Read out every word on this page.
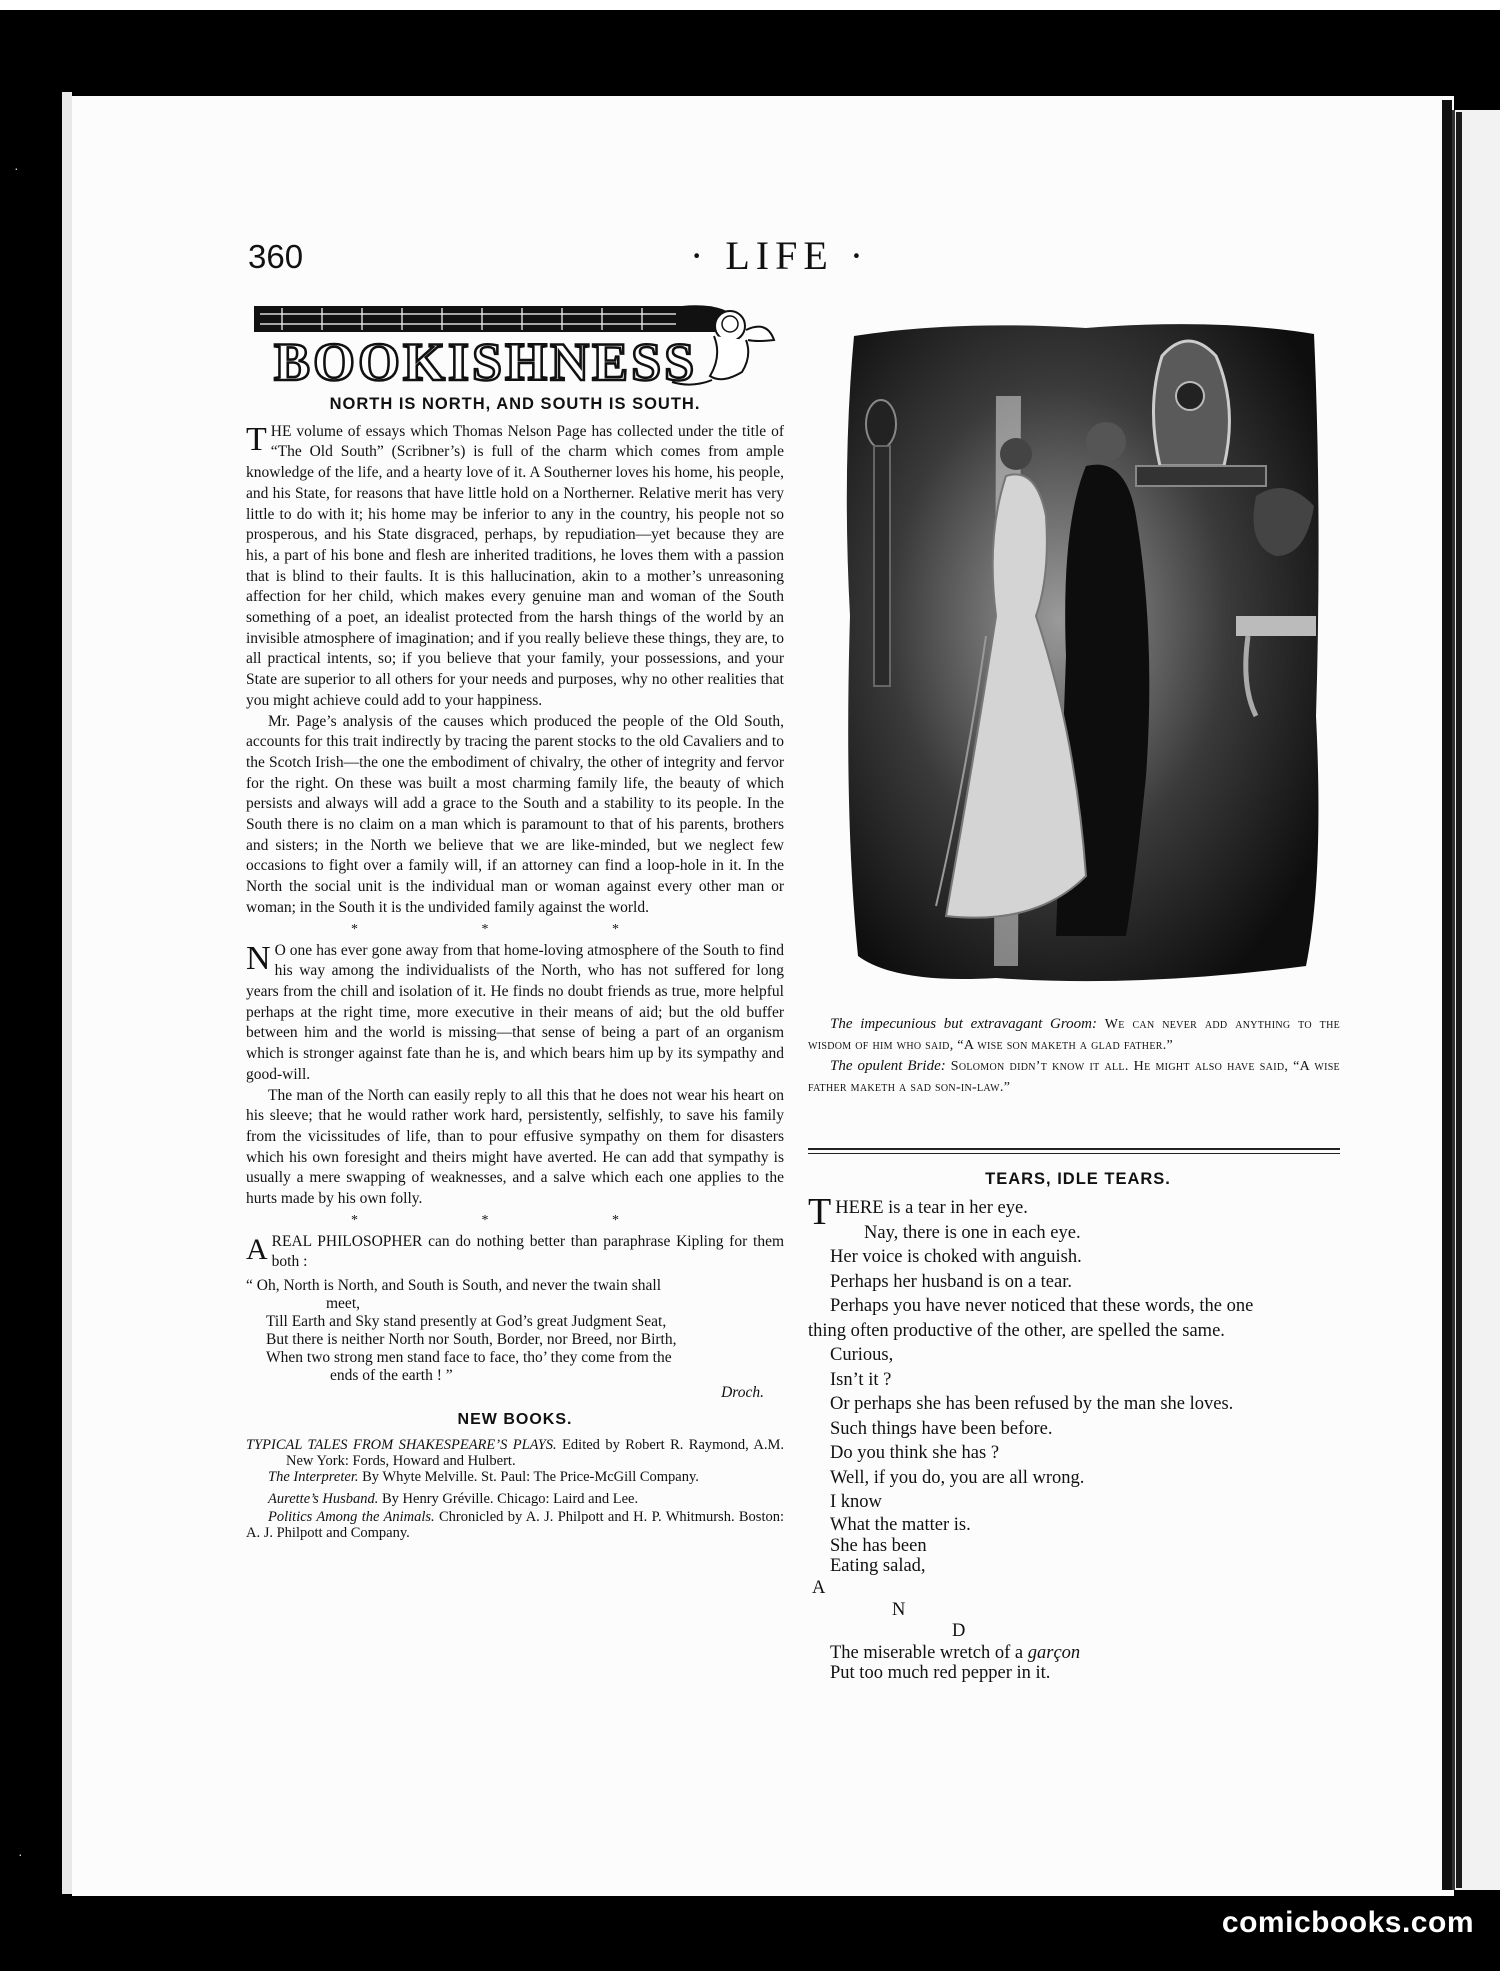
·
·
360	· LIFE ·
BOOKISHNESS
NORTH IS NORTH, AND SOUTH IS SOUTH.

THE volume of essays which Thomas Nelson Page has collected under the title of “The Old South” (Scribner’s) is full of the charm which comes from ample knowledge of the life, and a hearty love of it. A Southerner loves his home, his people, and his State, for reasons that have little hold on a Northerner. Relative merit has very little to do with it; his home may be inferior to any in the country, his people not so prosperous, and his State disgraced, perhaps, by repudiation—yet because they are his, a part of his bone and flesh are inherited traditions, he loves them with a passion that is blind to their faults. It is this hallucination, akin to a mother’s unreasoning affection for her child, which makes every genuine man and woman of the South something of a poet, an idealist protected from the harsh things of the world by an invisible atmosphere of imagination; and if you really believe these things, they are, to all practical intents, so; if you believe that your family, your possessions, and your State are superior to all others for your needs and purposes, why no other realities that you might achieve could add to your happiness.

Mr. Page’s analysis of the causes which produced the people of the Old South, accounts for this trait indirectly by tracing the parent stocks to the old Cavaliers and to the Scotch Irish—the one the embodiment of chivalry, the other of integrity and fervor for the right. On these was built a most charming family life, the beauty of which persists and always will add a grace to the South and a stability to its people. In the South there is no claim on a man which is paramount to that of his parents, brothers and sisters; in the North we believe that we are like-minded, but we neglect few occasions to fight over a family will, if an attorney can find a loop-hole in it. In the North the social unit is the individual man or woman against every other man or woman; in the South it is the undivided family against the world.

* * *

N O one has ever gone away from that home-loving atmosphere of the South to find his way among the individualists of the North, who has not suffered for long years from the chill and isolation of it. He finds no doubt friends as true, more helpful perhaps at the right time, more executive in their means of aid; but the old buffer between him and the world is missing—that sense of being a part of an organism which is stronger against fate than he is, and which bears him up by its sympathy and good-will.

The man of the North can easily reply to all this that he does not wear his heart on his sleeve; that he would rather work hard, persistently, selfishly, to save his family from the vicissitudes of life, than to pour effusive sympathy on them for disasters which his own foresight and theirs might have averted. He can add that sympathy is usually a mere swapping of weaknesses, and a salve which each one applies to the hurts made by his own folly.

* * *

AREAL PHILOSOPHER can do nothing better than paraphrase Kipling for them both :

“ Oh, North is North, and South is South, and never the twain shall
meet,
Till Earth and Sky stand presently at God’s great Judgment Seat,
But there is neither North nor South, Border, nor Breed, nor Birth,
When two strong men stand face to face, tho’ they come from the
ends of the earth ! ”
Droch.
NEW BOOKS.

TYPICAL TALES FROM SHAKESPEARE’S PLAYS. Edited by Robert R. Raymond, A.M. New York: Fords, Howard and Hulbert.

The Interpreter. By Whyte Melville. St. Paul: The Price-McGill Company.

Aurette’s Husband. By Henry Gréville. Chicago: Laird and Lee.

Politics Among the Animals. Chronicled by A. J. Philpott and H. P. Whitmursh. Boston: A. J. Philpott and Company.

The impecunious but extravagant Groom: We can never add anything to the wisdom of him who said, “A wise son maketh a glad father.”
The opulent Bride: Solomon didn’t know it all. He might also have said, “A wise father maketh a sad son-in-law.”
TEARS, IDLE TEARS.
THERE is a tear in her eye.
Nay, there is one in each eye.
Her voice is choked with anguish.
Perhaps her husband is on a tear.
Perhaps you have never noticed that these words, the one
thing often productive of the other, are spelled the same.
Curious,
Isn’t it ?
Or perhaps she has been refused by the man she loves.
Such things have been before.
Do you think she has ?
Well, if you do, you are all wrong.
I know
What the matter is.
She has been
Eating salad,
A
N
D
The miserable wretch of a garçon
Put too much red pepper in it.
comicbooks.com
